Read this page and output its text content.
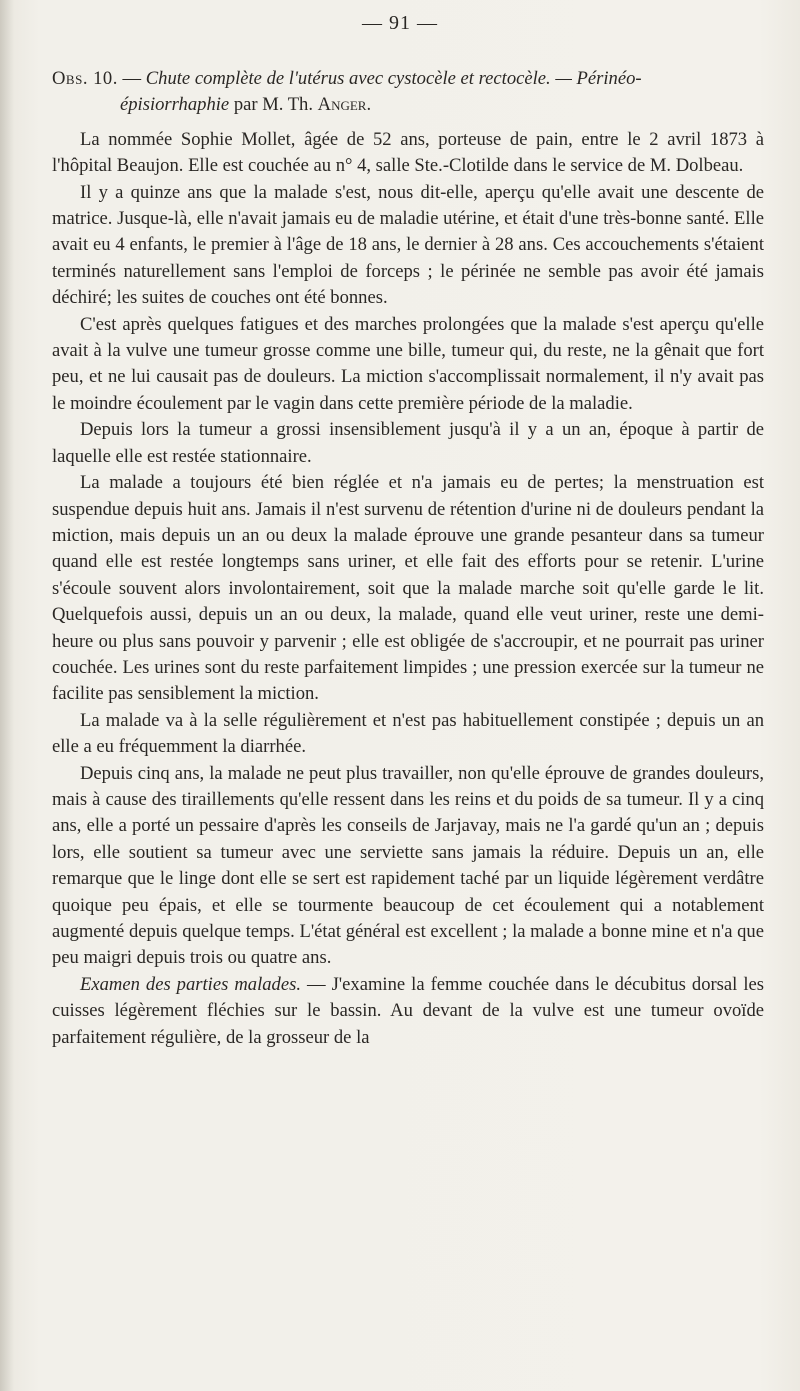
— 91 —
Obs. 10. — Chute complète de l'utérus avec cystocèle et rectocèle. — Périnéo-
épisiorrhaphie par M. Th. Anger.

La nommée Sophie Mollet, âgée de 52 ans, porteuse de pain, entre le 2 avril 1873 à l'hôpital Beaujon. Elle est couchée au n° 4, salle Ste.-Clotilde dans le service de M. Dolbeau.

Il y a quinze ans que la malade s'est, nous dit-elle, aperçu qu'elle avait une descente de matrice. Jusque-là, elle n'avait jamais eu de maladie utérine, et était d'une très-bonne santé. Elle avait eu 4 enfants, le premier à l'âge de 18 ans, le dernier à 28 ans. Ces accouchements s'étaient terminés naturellement sans l'emploi de forceps ; le périnée ne semble pas avoir été jamais déchiré; les suites de couches ont été bonnes.

C'est après quelques fatigues et des marches prolongées que la malade s'est aperçu qu'elle avait à la vulve une tumeur grosse comme une bille, tumeur qui, du reste, ne la gênait que fort peu, et ne lui causait pas de douleurs. La miction s'accomplissait normalement, il n'y avait pas le moindre écoulement par le vagin dans cette première période de la maladie.

Depuis lors la tumeur a grossi insensiblement jusqu'à il y a un an, époque à partir de laquelle elle est restée stationnaire.

La malade a toujours été bien réglée et n'a jamais eu de pertes; la menstruation est suspendue depuis huit ans. Jamais il n'est survenu de rétention d'urine ni de douleurs pendant la miction, mais depuis un an ou deux la malade éprouve une grande pesanteur dans sa tumeur quand elle est restée longtemps sans uriner, et elle fait des efforts pour se retenir. L'urine s'écoule souvent alors involontairement, soit que la malade marche soit qu'elle garde le lit. Quelquefois aussi, depuis un an ou deux, la malade, quand elle veut uriner, reste une demi-heure ou plus sans pouvoir y parvenir ; elle est obligée de s'accroupir, et ne pourrait pas uriner couchée. Les urines sont du reste parfaitement limpides ; une pression exercée sur la tumeur ne facilite pas sensiblement la miction.

La malade va à la selle régulièrement et n'est pas habituellement constipée ; depuis un an elle a eu fréquemment la diarrhée.

Depuis cinq ans, la malade ne peut plus travailler, non qu'elle éprouve de grandes douleurs, mais à cause des tiraillements qu'elle ressent dans les reins et du poids de sa tumeur. Il y a cinq ans, elle a porté un pessaire d'après les conseils de Jarjavay, mais ne l'a gardé qu'un an ; depuis lors, elle soutient sa tumeur avec une serviette sans jamais la réduire. Depuis un an, elle remarque que le linge dont elle se sert est rapidement taché par un liquide légèrement verdâtre quoique peu épais, et elle se tourmente beaucoup de cet écoulement qui a notablement augmenté depuis quelque temps. L'état général est excellent ; la malade a bonne mine et n'a que peu maigri depuis trois ou quatre ans.

Examen des parties malades. — J'examine la femme couchée dans le décubitus dorsal les cuisses légèrement fléchies sur le bassin. Au devant de la vulve est une tumeur ovoïde parfaitement régulière, de la grosseur de la
